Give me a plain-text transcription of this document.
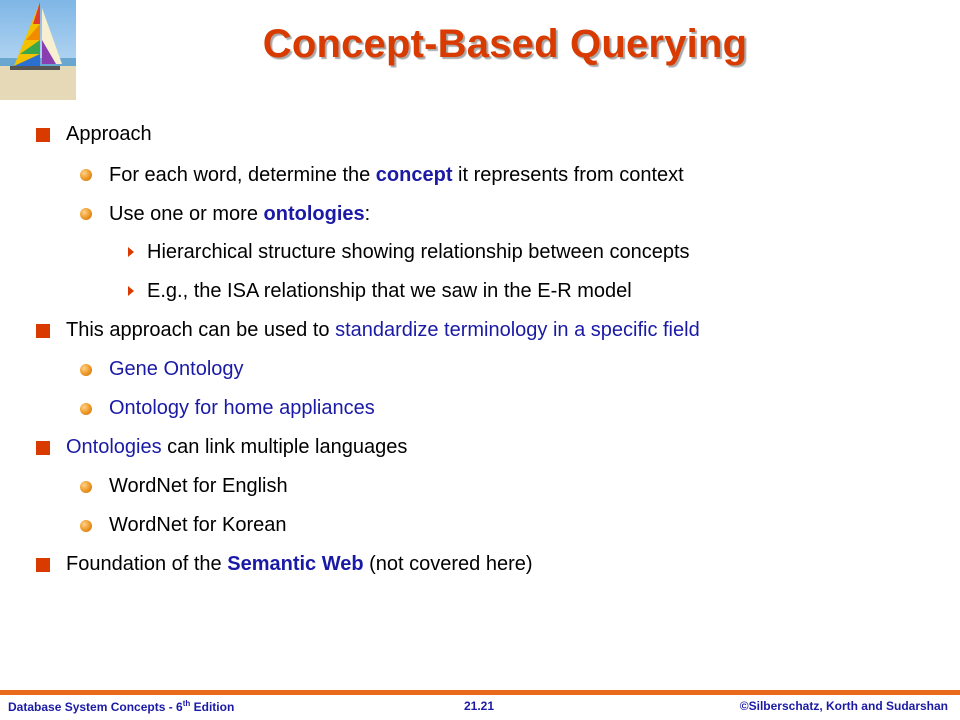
Concept-Based Querying
Approach
For each word, determine the concept it represents from context
Use one or more ontologies:
Hierarchical structure showing relationship between concepts
E.g., the ISA relationship that we saw in the E-R model
This approach can be used to standardize terminology in a specific field
Gene Ontology
Ontology for home appliances
Ontologies can link multiple languages
WordNet for English
WordNet for Korean
Foundation of the Semantic Web (not covered here)
Database System Concepts - 6th Edition	21.21	©Silberschatz, Korth and Sudarshan
